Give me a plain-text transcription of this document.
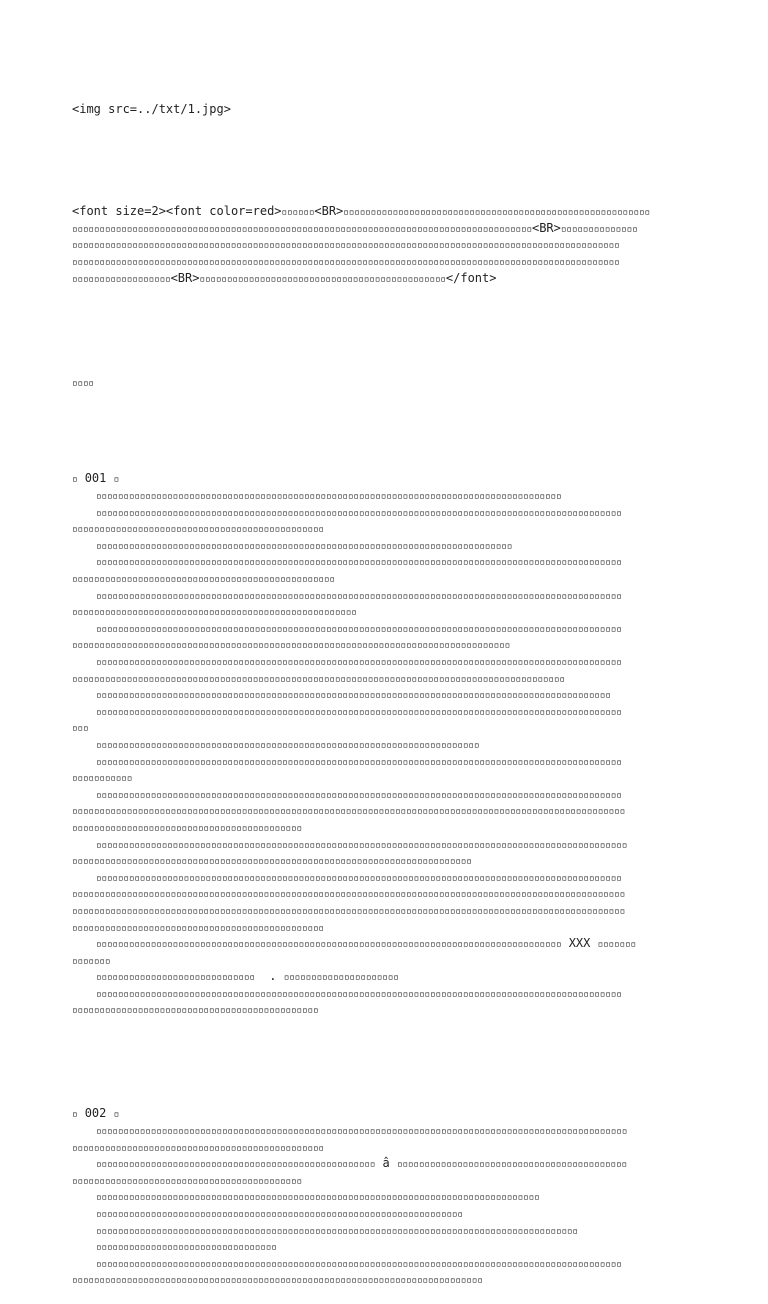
<img src=../txt/1.jpg>

<font size=2><font color=red>▫▫▫▫▫▫<BR>▫▫▫▫▫▫▫▫▫▫▫▫▫▫▫▫▫▫▫▫▫▫▫▫▫▫▫▫▫▫▫▫▫▫▫▫▫▫▫▫▫▫▫▫▫▫▫▫▫▫▫▫▫▫▫▫
▫▫▫▫▫▫▫▫▫▫▫▫▫▫▫▫▫▫▫▫▫▫▫▫▫▫▫▫▫▫▫▫▫▫▫▫▫▫▫▫▫▫▫▫▫▫▫▫▫▫▫▫▫▫▫▫▫▫▫▫▫▫▫▫▫▫▫▫▫▫▫▫▫▫▫▫▫▫▫▫▫▫▫▫<BR>▫▫▫▫▫▫▫▫▫▫▫▫▫▫
▫▫▫▫▫▫▫▫▫▫▫▫▫▫▫▫▫▫▫▫▫▫▫▫▫▫▫▫▫▫▫▫▫▫▫▫▫▫▫▫▫▫▫▫▫▫▫▫▫▫▫▫▫▫▫▫▫▫▫▫▫▫▫▫▫▫▫▫▫▫▫▫▫▫▫▫▫▫▫▫▫▫▫▫▫▫▫▫▫▫▫▫▫▫▫▫▫▫▫▫
▫▫▫▫▫▫▫▫▫▫▫▫▫▫▫▫▫▫▫▫▫▫▫▫▫▫▫▫▫▫▫▫▫▫▫▫▫▫▫▫▫▫▫▫▫▫▫▫▫▫▫▫▫▫▫▫▫▫▫▫▫▫▫▫▫▫▫▫▫▫▫▫▫▫▫▫▫▫▫▫▫▫▫▫▫▫▫▫▫▫▫▫▫▫▫▫▫▫▫▫
▫▫▫▫▫▫▫▫▫▫▫▫▫▫▫▫▫▫<BR>▫▫▫▫▫▫▫▫▫▫▫▫▫▫▫▫▫▫▫▫▫▫▫▫▫▫▫▫▫▫▫▫▫▫▫▫▫▫▫▫▫▫▫▫▫</font>

▫▫▫▫

▫ 001 ▫
▫▫▫▫▫▫▫▫▫▫▫▫▫▫▫▫▫▫▫▫▫▫▫▫▫▫▫▫▫▫▫▫▫▫▫▫▫▫▫▫▫▫▫▫▫▫▫▫▫▫▫▫▫▫▫▫▫▫▫▫▫▫▫▫▫▫▫▫▫▫▫▫▫▫▫▫▫▫▫▫▫▫▫▫▫
▫▫▫▫▫▫▫▫▫▫▫▫▫▫▫▫▫▫▫▫▫▫▫▫▫▫▫▫▫▫▫▫▫▫▫▫▫▫▫▫▫▫▫▫▫▫▫▫▫▫▫▫▫▫▫▫▫▫▫▫▫▫▫▫▫▫▫▫▫▫▫▫▫▫▫▫▫▫▫▫▫▫▫▫▫▫▫▫▫▫▫▫▫▫▫▫
▫▫▫▫▫▫▫▫▫▫▫▫▫▫▫▫▫▫▫▫▫▫▫▫▫▫▫▫▫▫▫▫▫▫▫▫▫▫▫▫▫▫▫▫▫▫
▫▫▫▫▫▫▫▫▫▫▫▫▫▫▫▫▫▫▫▫▫▫▫▫▫▫▫▫▫▫▫▫▫▫▫▫▫▫▫▫▫▫▫▫▫▫▫▫▫▫▫▫▫▫▫▫▫▫▫▫▫▫▫▫▫▫▫▫▫▫▫▫▫▫▫▫
▫▫▫▫▫▫▫▫▫▫▫▫▫▫▫▫▫▫▫▫▫▫▫▫▫▫▫▫▫▫▫▫▫▫▫▫▫▫▫▫▫▫▫▫▫▫▫▫▫▫▫▫▫▫▫▫▫▫▫▫▫▫▫▫▫▫▫▫▫▫▫▫▫▫▫▫▫▫▫▫▫▫▫▫▫▫▫▫▫▫▫▫▫▫▫▫
▫▫▫▫▫▫▫▫▫▫▫▫▫▫▫▫▫▫▫▫▫▫▫▫▫▫▫▫▫▫▫▫▫▫▫▫▫▫▫▫▫▫▫▫▫▫▫▫
▫▫▫▫▫▫▫▫▫▫▫▫▫▫▫▫▫▫▫▫▫▫▫▫▫▫▫▫▫▫▫▫▫▫▫▫▫▫▫▫▫▫▫▫▫▫▫▫▫▫▫▫▫▫▫▫▫▫▫▫▫▫▫▫▫▫▫▫▫▫▫▫▫▫▫▫▫▫▫▫▫▫▫▫▫▫▫▫▫▫▫▫▫▫▫▫
▫▫▫▫▫▫▫▫▫▫▫▫▫▫▫▫▫▫▫▫▫▫▫▫▫▫▫▫▫▫▫▫▫▫▫▫▫▫▫▫▫▫▫▫▫▫▫▫▫▫▫▫
▫▫▫▫▫▫▫▫▫▫▫▫▫▫▫▫▫▫▫▫▫▫▫▫▫▫▫▫▫▫▫▫▫▫▫▫▫▫▫▫▫▫▫▫▫▫▫▫▫▫▫▫▫▫▫▫▫▫▫▫▫▫▫▫▫▫▫▫▫▫▫▫▫▫▫▫▫▫▫▫▫▫▫▫▫▫▫▫▫▫▫▫▫▫▫▫
▫▫▫▫▫▫▫▫▫▫▫▫▫▫▫▫▫▫▫▫▫▫▫▫▫▫▫▫▫▫▫▫▫▫▫▫▫▫▫▫▫▫▫▫▫▫▫▫▫▫▫▫▫▫▫▫▫▫▫▫▫▫▫▫▫▫▫▫▫▫▫▫▫▫▫▫▫▫▫▫
▫▫▫▫▫▫▫▫▫▫▫▫▫▫▫▫▫▫▫▫▫▫▫▫▫▫▫▫▫▫▫▫▫▫▫▫▫▫▫▫▫▫▫▫▫▫▫▫▫▫▫▫▫▫▫▫▫▫▫▫▫▫▫▫▫▫▫▫▫▫▫▫▫▫▫▫▫▫▫▫▫▫▫▫▫▫▫▫▫▫▫▫▫▫▫▫
▫▫▫▫▫▫▫▫▫▫▫▫▫▫▫▫▫▫▫▫▫▫▫▫▫▫▫▫▫▫▫▫▫▫▫▫▫▫▫▫▫▫▫▫▫▫▫▫▫▫▫▫▫▫▫▫▫▫▫▫▫▫▫▫▫▫▫▫▫▫▫▫▫▫▫▫▫▫▫▫▫▫▫▫▫▫▫▫▫▫
▫▫▫▫▫▫▫▫▫▫▫▫▫▫▫▫▫▫▫▫▫▫▫▫▫▫▫▫▫▫▫▫▫▫▫▫▫▫▫▫▫▫▫▫▫▫▫▫▫▫▫▫▫▫▫▫▫▫▫▫▫▫▫▫▫▫▫▫▫▫▫▫▫▫▫▫▫▫▫▫▫▫▫▫▫▫▫▫▫▫▫▫▫▫
▫▫▫▫▫▫▫▫▫▫▫▫▫▫▫▫▫▫▫▫▫▫▫▫▫▫▫▫▫▫▫▫▫▫▫▫▫▫▫▫▫▫▫▫▫▫▫▫▫▫▫▫▫▫▫▫▫▫▫▫▫▫▫▫▫▫▫▫▫▫▫▫▫▫▫▫▫▫▫▫▫▫▫▫▫▫▫▫▫▫▫▫▫▫▫▫
▫▫▫
▫▫▫▫▫▫▫▫▫▫▫▫▫▫▫▫▫▫▫▫▫▫▫▫▫▫▫▫▫▫▫▫▫▫▫▫▫▫▫▫▫▫▫▫▫▫▫▫▫▫▫▫▫▫▫▫▫▫▫▫▫▫▫▫▫▫▫▫▫▫
▫▫▫▫▫▫▫▫▫▫▫▫▫▫▫▫▫▫▫▫▫▫▫▫▫▫▫▫▫▫▫▫▫▫▫▫▫▫▫▫▫▫▫▫▫▫▫▫▫▫▫▫▫▫▫▫▫▫▫▫▫▫▫▫▫▫▫▫▫▫▫▫▫▫▫▫▫▫▫▫▫▫▫▫▫▫▫▫▫▫▫▫▫▫▫▫
▫▫▫▫▫▫▫▫▫▫▫
▫▫▫▫▫▫▫▫▫▫▫▫▫▫▫▫▫▫▫▫▫▫▫▫▫▫▫▫▫▫▫▫▫▫▫▫▫▫▫▫▫▫▫▫▫▫▫▫▫▫▫▫▫▫▫▫▫▫▫▫▫▫▫▫▫▫▫▫▫▫▫▫▫▫▫▫▫▫▫▫▫▫▫▫▫▫▫▫▫▫▫▫▫▫▫▫
▫▫▫▫▫▫▫▫▫▫▫▫▫▫▫▫▫▫▫▫▫▫▫▫▫▫▫▫▫▫▫▫▫▫▫▫▫▫▫▫▫▫▫▫▫▫▫▫▫▫▫▫▫▫▫▫▫▫▫▫▫▫▫▫▫▫▫▫▫▫▫▫▫▫▫▫▫▫▫▫▫▫▫▫▫▫▫▫▫▫▫▫▫▫▫▫▫▫▫▫▫
▫▫▫▫▫▫▫▫▫▫▫▫▫▫▫▫▫▫▫▫▫▫▫▫▫▫▫▫▫▫▫▫▫▫▫▫▫▫▫▫▫▫
▫▫▫▫▫▫▫▫▫▫▫▫▫▫▫▫▫▫▫▫▫▫▫▫▫▫▫▫▫▫▫▫▫▫▫▫▫▫▫▫▫▫▫▫▫▫▫▫▫▫▫▫▫▫▫▫▫▫▫▫▫▫▫▫▫▫▫▫▫▫▫▫▫▫▫▫▫▫▫▫▫▫▫▫▫▫▫▫▫▫▫▫▫▫▫▫▫
▫▫▫▫▫▫▫▫▫▫▫▫▫▫▫▫▫▫▫▫▫▫▫▫▫▫▫▫▫▫▫▫▫▫▫▫▫▫▫▫▫▫▫▫▫▫▫▫▫▫▫▫▫▫▫▫▫▫▫▫▫▫▫▫▫▫▫▫▫▫▫▫▫
▫▫▫▫▫▫▫▫▫▫▫▫▫▫▫▫▫▫▫▫▫▫▫▫▫▫▫▫▫▫▫▫▫▫▫▫▫▫▫▫▫▫▫▫▫▫▫▫▫▫▫▫▫▫▫▫▫▫▫▫▫▫▫▫▫▫▫▫▫▫▫▫▫▫▫▫▫▫▫▫▫▫▫▫▫▫▫▫▫▫▫▫▫▫▫▫
▫▫▫▫▫▫▫▫▫▫▫▫▫▫▫▫▫▫▫▫▫▫▫▫▫▫▫▫▫▫▫▫▫▫▫▫▫▫▫▫▫▫▫▫▫▫▫▫▫▫▫▫▫▫▫▫▫▫▫▫▫▫▫▫▫▫▫▫▫▫▫▫▫▫▫▫▫▫▫▫▫▫▫▫▫▫▫▫▫▫▫▫▫▫▫▫▫▫▫▫▫
▫▫▫▫▫▫▫▫▫▫▫▫▫▫▫▫▫▫▫▫▫▫▫▫▫▫▫▫▫▫▫▫▫▫▫▫▫▫▫▫▫▫▫▫▫▫▫▫▫▫▫▫▫▫▫▫▫▫▫▫▫▫▫▫▫▫▫▫▫▫▫▫▫▫▫▫▫▫▫▫▫▫▫▫▫▫▫▫▫▫▫▫▫▫▫▫▫▫▫▫▫
▫▫▫▫▫▫▫▫▫▫▫▫▫▫▫▫▫▫▫▫▫▫▫▫▫▫▫▫▫▫▫▫▫▫▫▫▫▫▫▫▫▫▫▫▫▫
▫▫▫▫▫▫▫▫▫▫▫▫▫▫▫▫▫▫▫▫▫▫▫▫▫▫▫▫▫▫▫▫▫▫▫▫▫▫▫▫▫▫▫▫▫▫▫▫▫▫▫▫▫▫▫▫▫▫▫▫▫▫▫▫▫▫▫▫▫▫▫▫▫▫▫▫▫▫▫▫▫▫▫▫▫ XXX ▫▫▫▫▫▫▫
▫▫▫▫▫▫▫
▫▫▫▫▫▫▫▫▫▫▫▫▫▫▫▫▫▫▫▫▫▫▫▫▫▫▫▫▫  . ▫▫▫▫▫▫▫▫▫▫▫▫▫▫▫▫▫▫▫▫▫
▫▫▫▫▫▫▫▫▫▫▫▫▫▫▫▫▫▫▫▫▫▫▫▫▫▫▫▫▫▫▫▫▫▫▫▫▫▫▫▫▫▫▫▫▫▫▫▫▫▫▫▫▫▫▫▫▫▫▫▫▫▫▫▫▫▫▫▫▫▫▫▫▫▫▫▫▫▫▫▫▫▫▫▫▫▫▫▫▫▫▫▫▫▫▫▫
▫▫▫▫▫▫▫▫▫▫▫▫▫▫▫▫▫▫▫▫▫▫▫▫▫▫▫▫▫▫▫▫▫▫▫▫▫▫▫▫▫▫▫▫▫

▫ 002 ▫
▫▫▫▫▫▫▫▫▫▫▫▫▫▫▫▫▫▫▫▫▫▫▫▫▫▫▫▫▫▫▫▫▫▫▫▫▫▫▫▫▫▫▫▫▫▫▫▫▫▫▫▫▫▫▫▫▫▫▫▫▫▫▫▫▫▫▫▫▫▫▫▫▫▫▫▫▫▫▫▫▫▫▫▫▫▫▫▫▫▫▫▫▫▫▫▫▫
▫▫▫▫▫▫▫▫▫▫▫▫▫▫▫▫▫▫▫▫▫▫▫▫▫▫▫▫▫▫▫▫▫▫▫▫▫▫▫▫▫▫▫▫▫▫
▫▫▫▫▫▫▫▫▫▫▫▫▫▫▫▫▫▫▫▫▫▫▫▫▫▫▫▫▫▫▫▫▫▫▫▫▫▫▫▫▫▫▫▫▫▫▫▫▫▫▫ â ▫▫▫▫▫▫▫▫▫▫▫▫▫▫▫▫▫▫▫▫▫▫▫▫▫▫▫▫▫▫▫▫▫▫▫▫▫▫▫▫▫▫
▫▫▫▫▫▫▫▫▫▫▫▫▫▫▫▫▫▫▫▫▫▫▫▫▫▫▫▫▫▫▫▫▫▫▫▫▫▫▫▫▫▫
▫▫▫▫▫▫▫▫▫▫▫▫▫▫▫▫▫▫▫▫▫▫▫▫▫▫▫▫▫▫▫▫▫▫▫▫▫▫▫▫▫▫▫▫▫▫▫▫▫▫▫▫▫▫▫▫▫▫▫▫▫▫▫▫▫▫▫▫▫▫▫▫▫▫▫▫▫▫▫▫▫
▫▫▫▫▫▫▫▫▫▫▫▫▫▫▫▫▫▫▫▫▫▫▫▫▫▫▫▫▫▫▫▫▫▫▫▫▫▫▫▫▫▫▫▫▫▫▫▫▫▫▫▫▫▫▫▫▫▫▫▫▫▫▫▫▫▫▫
▫▫▫▫▫▫▫▫▫▫▫▫▫▫▫▫▫▫▫▫▫▫▫▫▫▫▫▫▫▫▫▫▫▫▫▫▫▫▫▫▫▫▫▫▫▫▫▫▫▫▫▫▫▫▫▫▫▫▫▫▫▫▫▫▫▫▫▫▫▫▫▫▫▫▫▫▫▫▫▫▫▫▫▫▫▫▫▫
▫▫▫▫▫▫▫▫▫▫▫▫▫▫▫▫▫▫▫▫▫▫▫▫▫▫▫▫▫▫▫▫▫
▫▫▫▫▫▫▫▫▫▫▫▫▫▫▫▫▫▫▫▫▫▫▫▫▫▫▫▫▫▫▫▫▫▫▫▫▫▫▫▫▫▫▫▫▫▫▫▫▫▫▫▫▫▫▫▫▫▫▫▫▫▫▫▫▫▫▫▫▫▫▫▫▫▫▫▫▫▫▫▫▫▫▫▫▫▫▫▫▫▫▫▫▫▫▫▫
▫▫▫▫▫▫▫▫▫▫▫▫▫▫▫▫▫▫▫▫▫▫▫▫▫▫▫▫▫▫▫▫▫▫▫▫▫▫▫▫▫▫▫▫▫▫▫▫▫▫▫▫▫▫▫▫▫▫▫▫▫▫▫▫▫▫▫▫▫▫▫▫▫▫▫
